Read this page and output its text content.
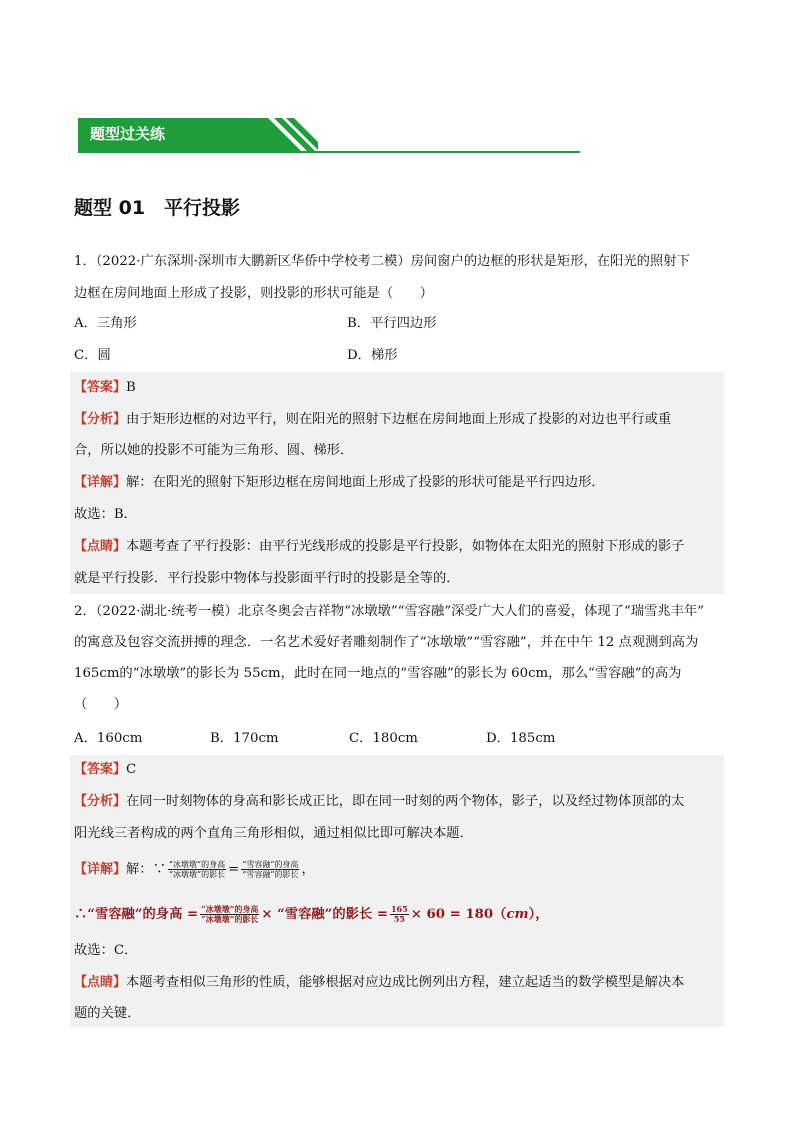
题型过关练
题型 01　平行投影
1．（2022·广东深圳·深圳市大鹏新区华侨中学校考二模）房间窗户的边框的形状是矩形，在阳光的照射下
边框在房间地面上形成了投影，则投影的形状可能是（　　）
A．三角形	B．平行四边形
C．圆	D．梯形
【答案】B
【分析】由于矩形边框的对边平行，则在阳光的照射下边框在房间地面上形成了投影的对边也平行或重
合，所以她的投影不可能为三角形、圆、梯形．
【详解】解：在阳光的照射下矩形边框在房间地面上形成了投影的形状可能是平行四边形．
故选：B．
【点睛】本题考查了平行投影：由平行光线形成的投影是平行投影，如物体在太阳光的照射下形成的影子
就是平行投影．平行投影中物体与投影面平行时的投影是全等的．
2．（2022·湖北·统考一模）北京冬奥会吉祥物“冰墩墩”“雪容融”深受广大人们的喜爱，体现了“瑞雪兆丰年”
的寓意及包容交流拼搏的理念．一名艺术爱好者雕刻制作了“冰墩墩”“雪容融”，并在中午 12 点观测到高为
165cm的“冰墩墩”的影长为 55cm，此时在同一地点的“雪容融”的影长为 60cm，那么“雪容融”的高为
（　　）
A．160cm	B．170cm	C．180cm	D．185cm
【答案】C
【分析】在同一时刻物体的身高和影长成正比，即在同一时刻的两个物体，影子，以及经过物体顶部的太
阳光线三者构成的两个直角三角形相似，通过相似比即可解决本题．
【详解】解：∵ $\frac{\text{“冰墩墩”的身高}}{\text{“冰墩墩”的影长}} = \frac{\text{“雪容融”的身高}}{\text{“雪容融”的影长}}$ ，
∴“雪容融”的身高 = $\frac{\text{“冰墩墩”的身高}}{\text{“冰墩墩”的影长}}$ × “雪容融”的影长 = $\frac{165}{55} \times 60 = 180(cm)$，
故选：C．
【点睛】本题考查相似三角形的性质，能够根据对应边成比例列出方程，建立起适当的数学模型是解决本
题的关键．
